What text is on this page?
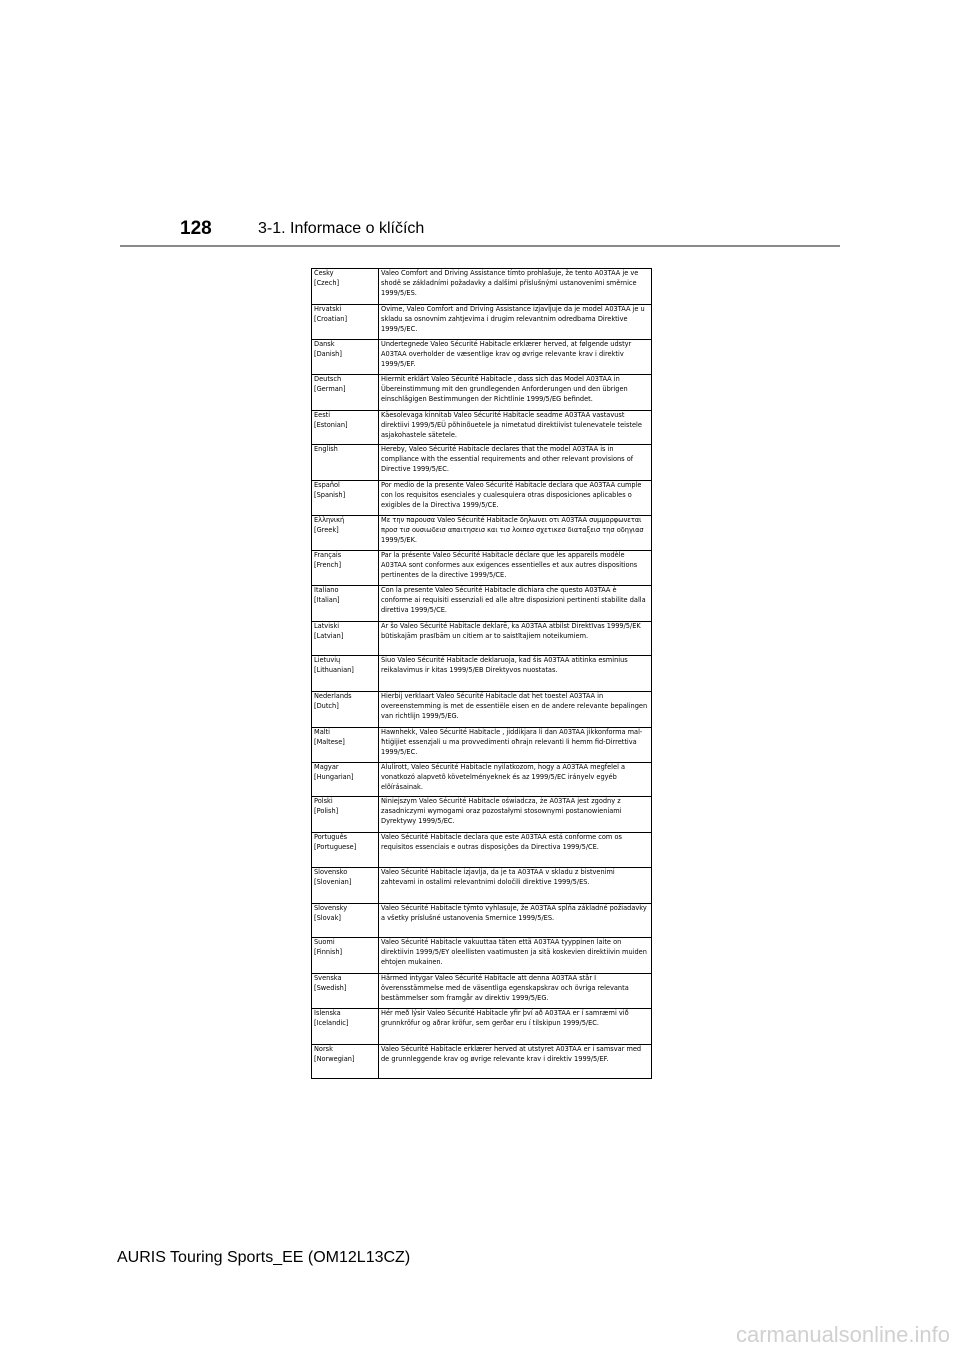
128	3-1. Informace o klíčích
Česky
[Czech]	Valeo Comfort and Driving Assistance tímto prohlašuje, že tento A03TAA je ve shodě se základními požadavky a dalšími příslušnými ustanoveními směrnice 1999/5/ES.

Hrvatski
[Croatian]	Ovime, Valeo Comfort and Driving Assistance izjavljuje da je model A03TAA je u skladu sa osnovnim zahtjevima i drugim relevantnim odredbama Direktive 1999/5/EC.

Dansk
[Danish]	Undertegnede Valeo Sécurité Habitacle erklærer herved, at følgende udstyr A03TAA overholder de væsentlige krav og øvrige relevante krav i direktiv 1999/5/EF.

Deutsch
[German]	Hiermit erklärt Valeo Sécurité Habitacle , dass sich das Model A03TAA in Übereinstimmung mit den grundlegenden Anforderungen und den übrigen einschlägigen Bestimmungen der Richtlinie 1999/5/EG befindet.

Eesti
[Estonian]	Käesolevaga kinnitab Valeo Sécurité Habitacle seadme A03TAA vastavust direktiivi 1999/5/EÜ põhinõuetele ja nimetatud direktiivist tulenevatele teistele asjakohastele sätetele.

English	Hereby, Valeo Sécurité Habitacle declares that the model A03TAA is in compliance with the essential requirements and other relevant provisions of Directive 1999/5/EC.

Español
[Spanish]	Por medio de la presente Valeo Sécurité Habitacle declara que A03TAA cumple con los requisitos esenciales y cualesquiera otras disposiciones aplicables o exigibles de la Directiva 1999/5/CE.

Ελληνική
[Greek]	Με την παρουσα Valeo Sécurité Habitacle δηλωνει οτι A03TAA συμμορφωνεται προσ τισ ουσιωδεισ απαιτησεισ και τισ λοιπεσ σχετικεσ διαταξεισ τησ οδηγιασ 1999/5/ΕΚ.

Français
[French]	Par la présente Valeo Sécurité Habitacle déclare que les appareils modèle A03TAA sont conformes aux exigences essentielles et aux autres dispositions pertinentes de la directive 1999/5/CE.

Italiano
[Italian]	Con la presente Valeo Sécurité Habitacle dichiara che questo A03TAA è conforme ai requisiti essenziali ed alle altre disposizioni pertinenti stabilite dalla direttiva 1999/5/CE.

Latviski
[Latvian]	Ar šo Valeo Sécurité Habitacle deklarē, ka A03TAA atbilst Direktīvas 1999/5/EK būtiskajām prasībām un citiem ar to saistītajiem noteikumiem.

Lietuvių
[Lithuanian]	Šiuo Valeo Sécurité Habitacle deklaruoja, kad šis A03TAA atitinka esminius reikalavimus ir kitas 1999/5/EB Direktyvos nuostatas.

Nederlands
[Dutch]	Hierbij verklaart Valeo Sécurité Habitacle dat het toestel A03TAA in overeenstemming is met de essentiële eisen en de andere relevante bepalingen van richtlijn 1999/5/EG.

Malti
[Maltese]	Hawnhekk, Valeo Sécurité Habitacle , jiddikjara li dan A03TAA jikkonforma mal-ħtiġijiet essenzjali u ma provvedimenti oħrajn relevanti li hemm fid-Dirrettiva 1999/5/EC.

Magyar
[Hungarian]	Alulírott, Valeo Sécurité Habitacle nyilatkozom, hogy a A03TAA megfelel a vonatkozó alapvetõ követelményeknek és az 1999/5/EC irányelv egyéb elõírásainak.

Polski
[Polish]	Niniejszym Valeo Sécurité Habitacle oświadcza, że A03TAA jest zgodny z zasadniczymi wymogami oraz pozostałymi stosownymi postanowieniami Dyrektywy 1999/5/EC.

Português
[Portuguese]	Valeo Sécurité Habitacle declara que este A03TAA está conforme com os requisitos essenciais e outras disposições da Directiva 1999/5/CE.

Slovensko
[Slovenian]	Valeo Sécurité Habitacle izjavlja, da je ta A03TAA v skladu z bistvenimi zahtevami in ostalimi relevantnimi določili direktive 1999/5/ES.

Slovensky
[Slovak]	Valeo Sécurité Habitacle týmto vyhlasuje, že A03TAA spĺňa základné požiadavky a všetky príslušné ustanovenia Smernice 1999/5/ES.

Suomi
[Finnish]	Valeo Sécurité Habitacle vakuuttaa täten että A03TAA tyyppinen laite on direktiivin 1999/5/EY oleellisten vaatimusten ja sitä koskevien direktiivin muiden ehtojen mukainen.

Svenska
[Swedish]	Härmed intygar Valeo Sécurité Habitacle att denna A03TAA står I överensstämmelse med de väsentliga egenskapskrav och övriga relevanta bestämmelser som framgår av direktiv 1999/5/EG.

Íslenska
[Icelandic]	Hér með lýsir Valeo Sécurité Habitacle yfir því að A03TAA er í samræmi við grunnkröfur og aðrar kröfur, sem gerðar eru í tilskipun 1999/5/EC.

Norsk
[Norwegian]	Valeo Sécurité Habitacle erklærer herved at utstyret A03TAA er i samsvar med de grunnleggende krav og øvrige relevante krav i direktiv 1999/5/EF.
AURIS Touring Sports_EE (OM12L13CZ)
carmanualsonline.info
